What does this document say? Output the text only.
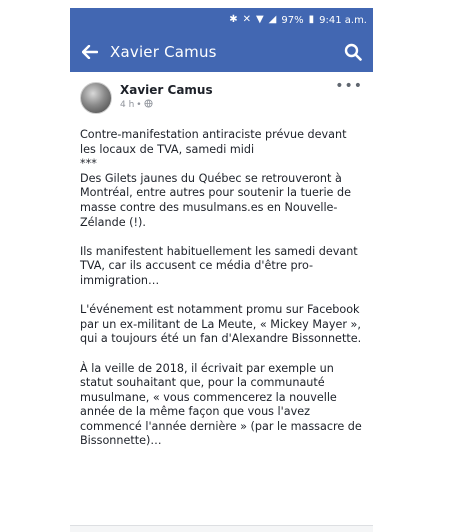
✱ ✕ ▼ ◢ 97% ▮ 9:41 a.m.
Xavier Camus
Xavier Camus
4 h •
•••

Contre-manifestation antiraciste prévue devant les locaux de TVA, samedi midi
***
Des Gilets jaunes du Québec se retrouveront à Montréal, entre autres pour soutenir la tuerie de masse contre des musulmans.es en Nouvelle-Zélande (!).

Ils manifestent habituellement les samedi devant TVA, car ils accusent ce média d'être pro-immigration…

L'événement est notamment promu sur Facebook par un ex-militant de La Meute, « Mickey Mayer », qui a toujours été un fan d'Alexandre Bissonnette.

À la veille de 2018, il écrivait par exemple un statut souhaitant que, pour la communauté musulmane, « vous commencerez la nouvelle année de la même façon que vous l'avez commencé l'année dernière » (par le massacre de Bissonnette)…
